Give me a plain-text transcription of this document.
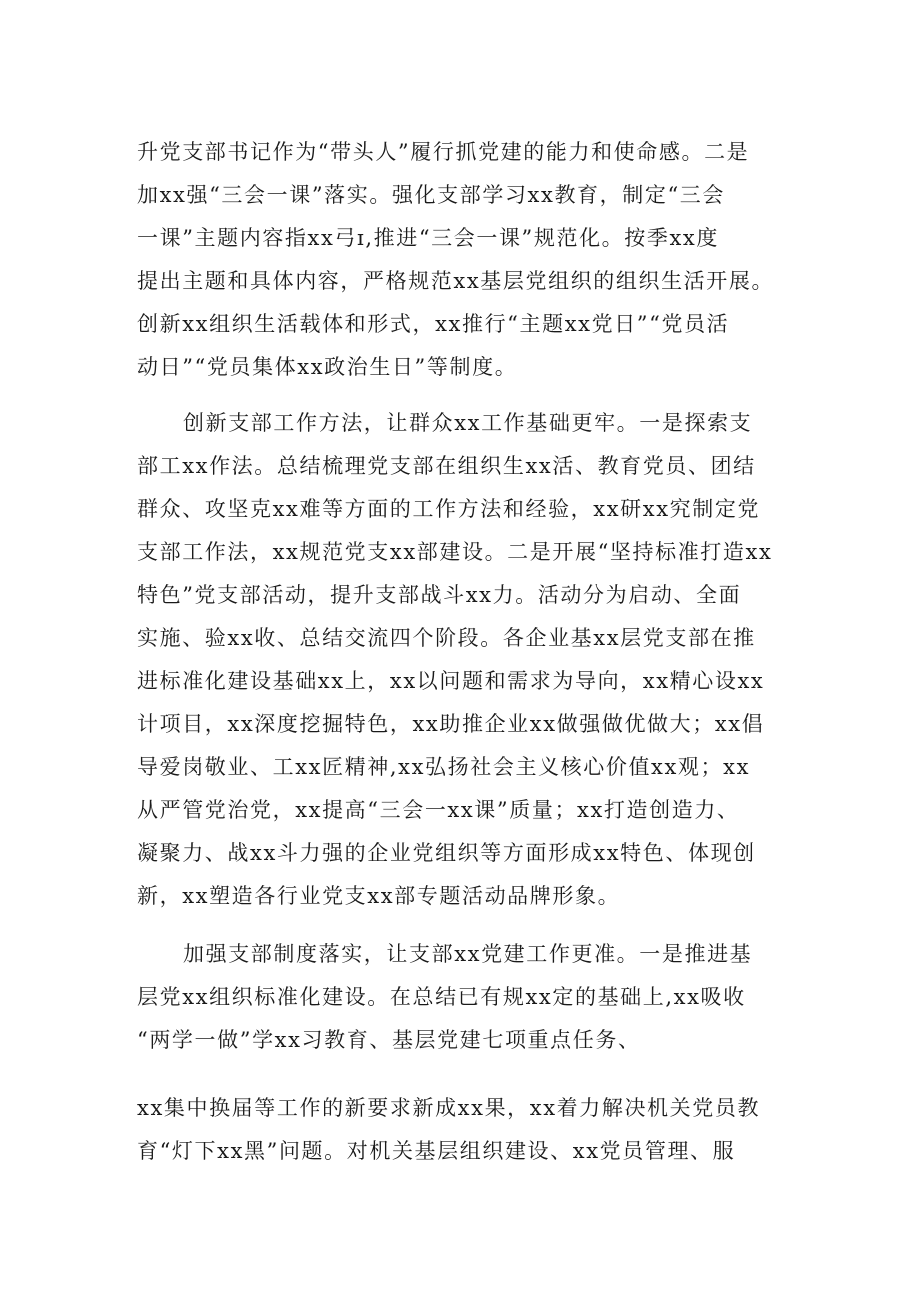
升党支部书记作为“带头人”履行抓党建的能力和使命感。二是
加xx强“三会一课”落实。强化支部学习xx教育，制定“三会
一课”主题内容指xx弓ɪ,推进“三会一课”规范化。按季xx度
提出主题和具体内容，严格规范xx基层党组织的组织生活开展。
创新xx组织生活载体和形式，xx推行“主题xx党日”“党员活
动日”“党员集体xx政治生日”等制度。
创新支部工作方法，让群众xx工作基础更牢。一是探索支
部工xx作法。总结梳理党支部在组织生xx活、教育党员、团结
群众、攻坚克xx难等方面的工作方法和经验，xx研xx究制定党
支部工作法，xx规范党支xx部建设。二是开展“坚持标准打造xx
特色”党支部活动，提升支部战斗xx力。活动分为启动、全面
实施、验xx收、总结交流四个阶段。各企业基xx层党支部在推
进标准化建设基础xx上，xx以问题和需求为导向，xx精心设xx
计项目，xx深度挖掘特色，xx助推企业xx做强做优做大；xx倡
导爱岗敬业、工xx匠精神,xx弘扬社会主义核心价值xx观；xx
从严管党治党，xx提高“三会一xx课”质量；xx打造创造力、
凝聚力、战xx斗力强的企业党组织等方面形成xx特色、体现创
新，xx塑造各行业党支xx部专题活动品牌形象。
加强支部制度落实，让支部xx党建工作更准。一是推进基
层党xx组织标准化建设。在总结已有规xx定的基础上,xx吸收
“两学一做”学xx习教育、基层党建七项重点任务、
xx集中换届等工作的新要求新成xx果，xx着力解决机关党员教
育“灯下xx黑”问题。对机关基层组织建设、xx党员管理、服
